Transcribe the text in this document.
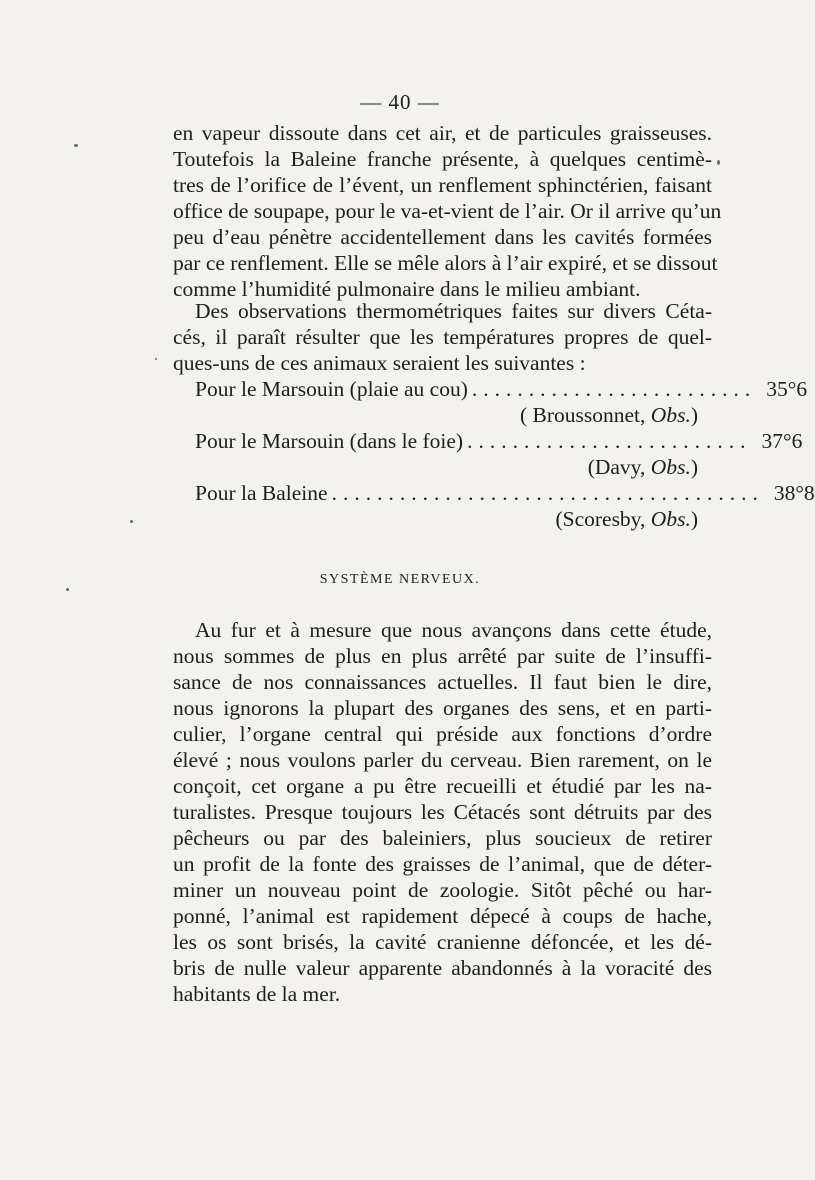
— 40 —
en vapeur dissoute dans cet air, et de particules graisseuses.
Toutefois la Baleine franche présente, à quelques centimè-
tres de l’orifice de l’évent, un renflement sphinctérien, faisant
office de soupape, pour le va-et-vient de l’air. Or il arrive qu’un
peu d’eau pénètre accidentellement dans les cavités formées
par ce renflement. Elle se mêle alors à l’air expiré, et se dissout
comme l’humidité pulmonaire dans le milieu ambiant.
Des observations thermométriques faites sur divers Céta-
cés, il paraît résulter que les températures propres de quel-
ques-uns de ces animaux seraient les suivantes :
Pour le Marsouin (plaie au cou) ......................... 35°6
( Broussonnet, Obs.)
Pour le Marsouin (dans le foie) ......................... 37°6
(Davy, Obs.)
Pour la Baleine ...................................... 38°8
(Scoresby, Obs.)
SYSTÈME NERVEUX.
Au fur et à mesure que nous avançons dans cette étude,
nous sommes de plus en plus arrêté par suite de l’insuffi-
sance de nos connaissances actuelles. Il faut bien le dire,
nous ignorons la plupart des organes des sens, et en parti-
culier, l’organe central qui préside aux fonctions d’ordre
élevé ; nous voulons parler du cerveau. Bien rarement, on le
conçoit, cet organe a pu être recueilli et étudié par les na-
turalistes. Presque toujours les Cétacés sont détruits par des
pêcheurs ou par des baleiniers, plus soucieux de retirer
un profit de la fonte des graisses de l’animal, que de déter-
miner un nouveau point de zoologie. Sitôt pêché ou har-
ponné, l’animal est rapidement dépecé à coups de hache,
les os sont brisés, la cavité cranienne défoncée, et les dé-
bris de nulle valeur apparente abandonnés à la voracité des
habitants de la mer.
